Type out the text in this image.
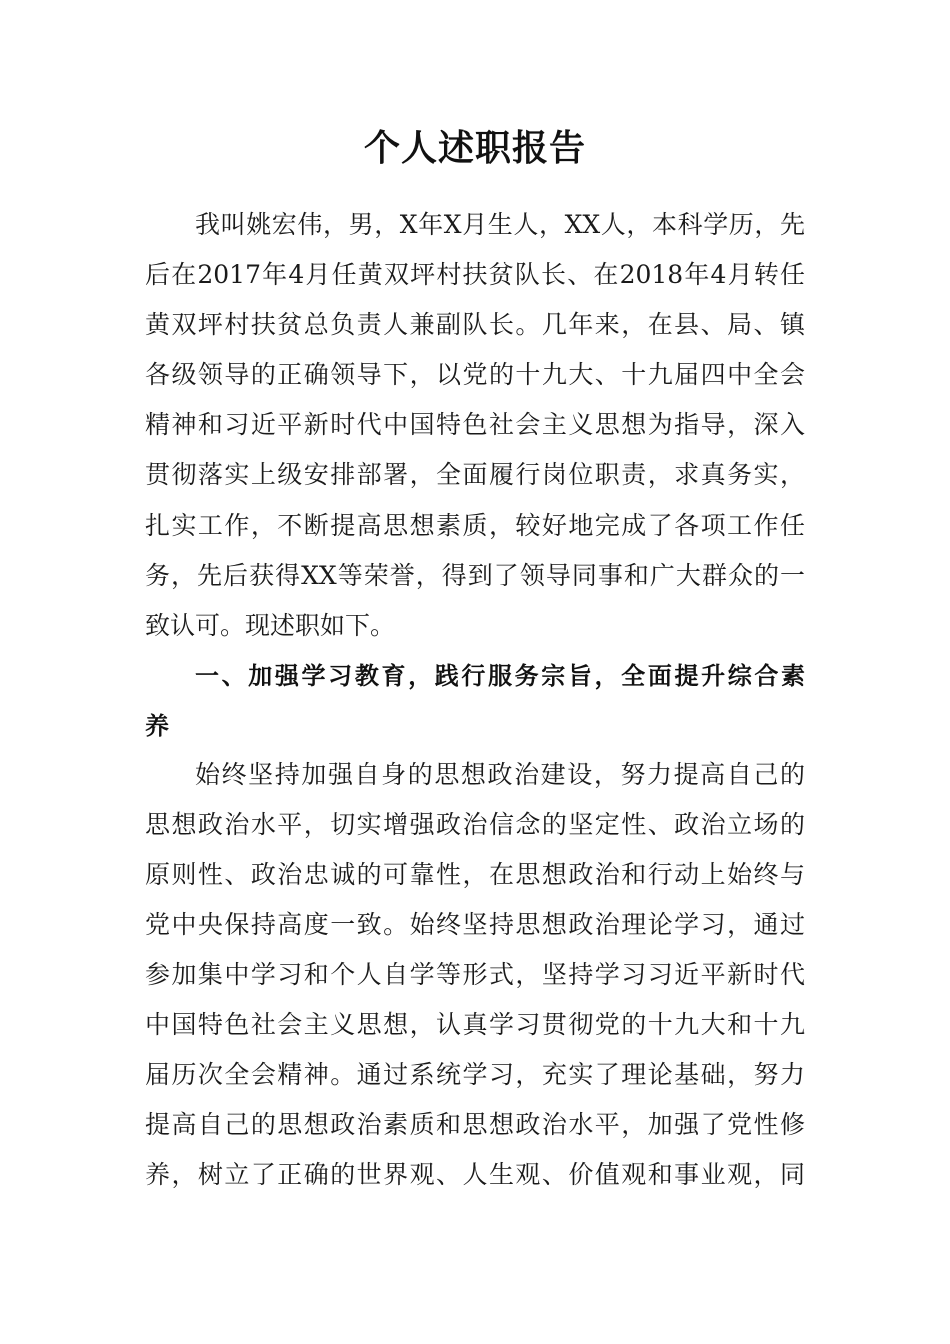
个人述职报告
我叫姚宏伟，男，X年X月生人，XX人，本科学历，先
后在2017年4月任黄双坪村扶贫队长、在2018年4月转任
黄双坪村扶贫总负责人兼副队长。几年来，在县、局、镇
各级领导的正确领导下，以党的十九大、十九届四中全会
精神和习近平新时代中国特色社会主义思想为指导，深入
贯彻落实上级安排部署，全面履行岗位职责，求真务实，
扎实工作，不断提高思想素质，较好地完成了各项工作任
务，先后获得XX等荣誉，得到了领导同事和广大群众的一
致认可。现述职如下。
一、加强学习教育，践行服务宗旨，全面提升综合素
养
始终坚持加强自身的思想政治建设，努力提高自己的
思想政治水平，切实增强政治信念的坚定性、政治立场的
原则性、政治忠诚的可靠性，在思想政治和行动上始终与
党中央保持高度一致。始终坚持思想政治理论学习，通过
参加集中学习和个人自学等形式，坚持学习习近平新时代
中国特色社会主义思想，认真学习贯彻党的十九大和十九
届历次全会精神。通过系统学习，充实了理论基础，努力
提高自己的思想政治素质和思想政治水平，加强了党性修
养，树立了正确的世界观、人生观、价值观和事业观，同
